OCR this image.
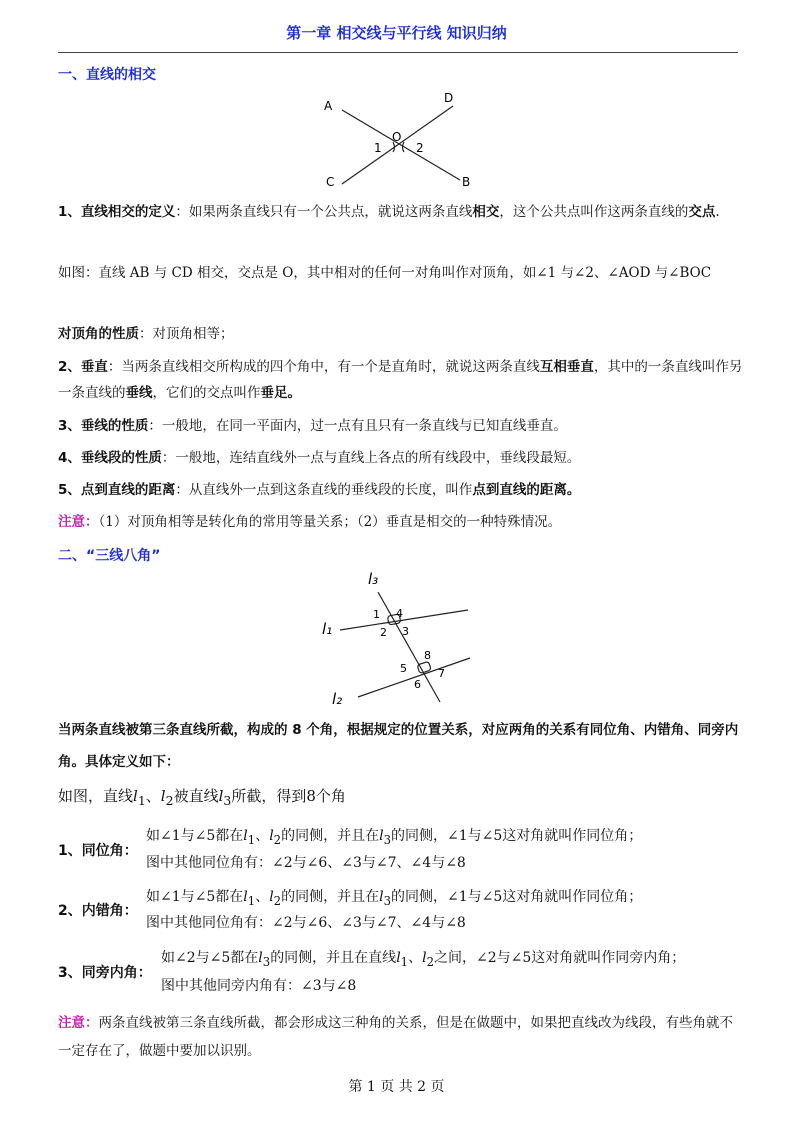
第一章 相交线与平行线 知识归纳
一、直线的相交
A
D
O
1	2
C	B
1、直线相交的定义：如果两条直线只有一个公共点，就说这两条直线相交，这个公共点叫作这两条直线的交点.
如图：直线 AB 与 CD 相交，交点是 O，其中相对的任何一对角叫作对顶角，如∠1 与∠2、∠AOD 与∠BOC
对顶角的性质：对顶角相等；
2、垂直：当两条直线相交所构成的四个角中，有一个是直角时，就说这两条直线互相垂直，其中的一条直线叫作另一条直线的垂线，它们的交点叫作垂足。
3、垂线的性质：一般地，在同一平面内，过一点有且只有一条直线与已知直线垂直。
4、垂线段的性质：一般地，连结直线外一点与直线上各点的所有线段中，垂线段最短。
5、点到直线的距离：从直线外一点到这条直线的垂线段的长度，叫作点到直线的距离。
注意：（1）对顶角相等是转化角的常用等量关系；（2）垂直是相交的一种特殊情况。
二、“三线八角”
l₃
l₁
l₂
1 4
2 3
5
8
6
7
当两条直线被第三条直线所截，构成的 8 个角，根据规定的位置关系，对应两角的关系有同位角、内错角、同旁内角。具体定义如下：
如图，直线$l_1$、$l_2$被直线$l_3$所截，得到8个角
1、同位角：
如∠1与∠5都在$l_1$、$l_2$的同侧，并且在$l_3$的同侧，∠1与∠5这对角就叫作同位角；
图中其他同位角有：∠2与∠6、∠3与∠7、∠4与∠8
2、内错角：
如∠1与∠5都在$l_1$、$l_2$的同侧，并且在$l_3$的同侧，∠1与∠5这对角就叫作同位角；
图中其他同位角有：∠2与∠6、∠3与∠7、∠4与∠8
3、同旁内角：
如∠2与∠5都在$l_3$的同侧，并且在直线$l_1$、$l_2$之间，∠2与∠5这对角就叫作同旁内角；
图中其他同旁内角有：∠3与∠8
注意：两条直线被第三条直线所截，都会形成这三种角的关系，但是在做题中，如果把直线改为线段，有些角就不一定存在了，做题中要加以识别。
第 1 页 共 2 页
